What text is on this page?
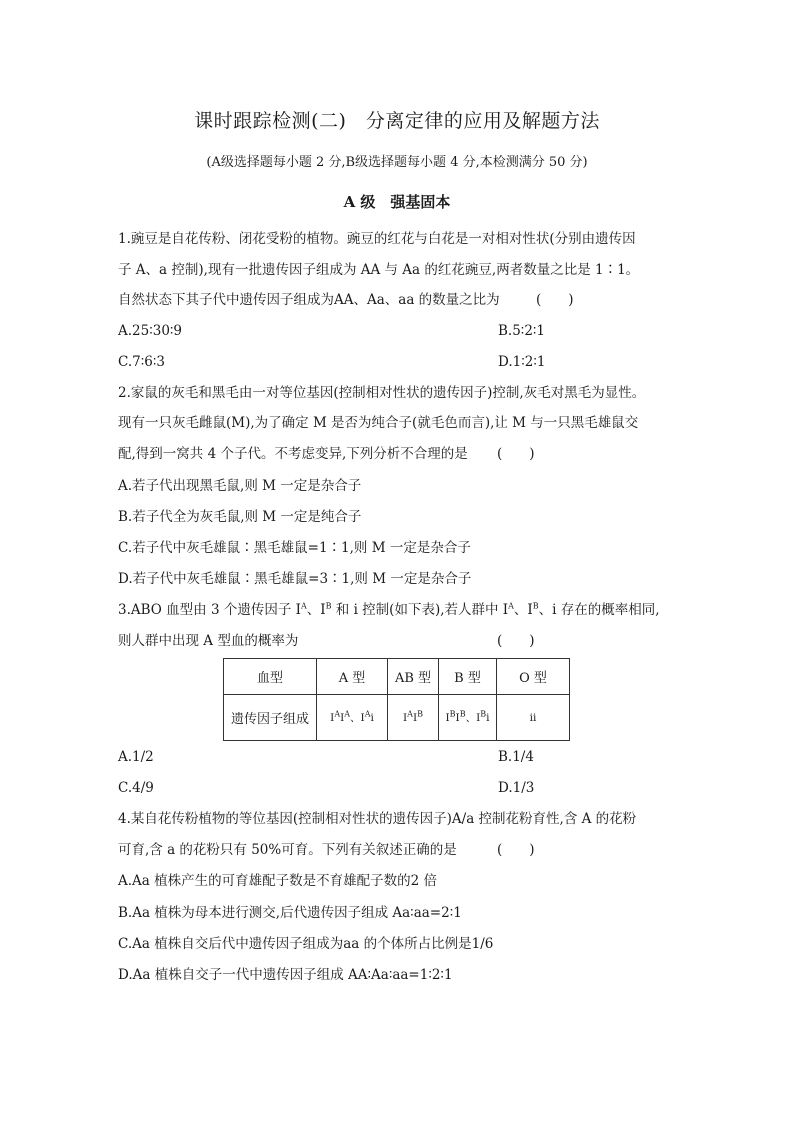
课时跟踪检测(二)　分离定律的应用及解题方法
(A级选择题每小题 2 分,B级选择题每小题 4 分,本检测满分 50 分)
A 级　强基固本
1.豌豆是自花传粉、闭花受粉的植物。豌豆的红花与白花是一对相对性状(分别由遗传因
子 A、a 控制),现有一批遗传因子组成为 AA 与 Aa 的红花豌豆,两者数量之比是 1∶1。
自然状态下其子代中遗传因子组成为AA、Aa、aa 的数量之比为	(　　)
A.25∶30∶9	B.5∶2∶1
C.7∶6∶3	D.1∶2∶1
2.家鼠的灰毛和黑毛由一对等位基因(控制相对性状的遗传因子)控制,灰毛对黑毛为显性。
现有一只灰毛雌鼠(M),为了确定 M 是否为纯合子(就毛色而言),让 M 与一只黑毛雄鼠交
配,得到一窝共 4 个子代。不考虑变异,下列分析不合理的是 (　　)
A.若子代出现黑毛鼠,则 M 一定是杂合子
B.若子代全为灰毛鼠,则 M 一定是纯合子
C.若子代中灰毛雄鼠∶黑毛雄鼠=1∶1,则 M 一定是杂合子
D.若子代中灰毛雄鼠∶黑毛雄鼠=3∶1,则 M 一定是杂合子
3.ABO 血型由 3 个遗传因子 $I^A$、$I^B$ 和 i 控制(如下表),若人群中 $I^A$、$I^B$、i 存在的概率相同,
则人群中出现 A 型血的概率为	(　　)
血型	A 型	AB 型	B 型	O 型
遗传因子组成	$I^AI^A$、$I^Ai$	$I^AI^B$	$I^BI^B$、$I^Bi$	ii
A.1/2	B.1/4
C.4/9	D.1/3
4.某自花传粉植物的等位基因(控制相对性状的遗传因子)A/a 控制花粉育性,含 A 的花粉
可育,含 a 的花粉只有 50%可育。下列有关叙述正确的是	(　　)
A.Aa 植株产生的可育雄配子数是不育雄配子数的2 倍
B.Aa 植株为母本进行测交,后代遗传因子组成 Aa∶aa=2∶1
C.Aa 植株自交后代中遗传因子组成为aa 的个体所占比例是1/6
D.Aa 植株自交子一代中遗传因子组成 AA∶Aa∶aa=1∶2∶1
